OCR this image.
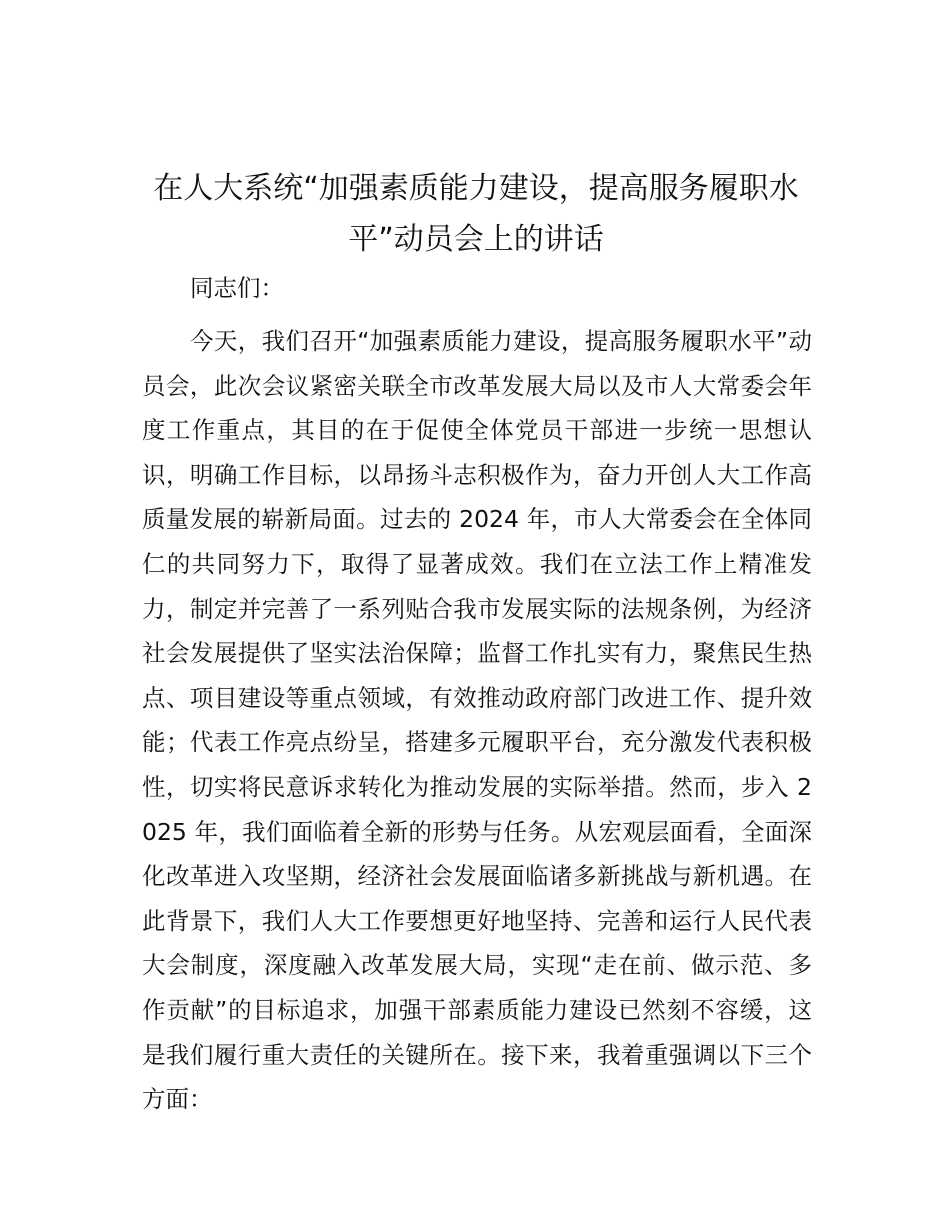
在人大系统“加强素质能力建设，提高服务履职水平”动员会上的讲话

同志们：

今天，我们召开“加强素质能力建设，提高服务履职水平”动员会，此次会议紧密关联全市改革发展大局以及市人大常委会年度工作重点，其目的在于促使全体党员干部进一步统一思想认识，明确工作目标，以昂扬斗志积极作为，奋力开创人大工作高质量发展的崭新局面。过去的 2024 年，市人大常委会在全体同仁的共同努力下，取得了显著成效。我们在立法工作上精准发力，制定并完善了一系列贴合我市发展实际的法规条例，为经济社会发展提供了坚实法治保障；监督工作扎实有力，聚焦民生热点、项目建设等重点领域，有效推动政府部门改进工作、提升效能；代表工作亮点纷呈，搭建多元履职平台，充分激发代表积极性，切实将民意诉求转化为推动发展的实际举措。然而，步入 2025 年，我们面临着全新的形势与任务。从宏观层面看，全面深化改革进入攻坚期，经济社会发展面临诸多新挑战与新机遇。在此背景下，我们人大工作要想更好地坚持、完善和运行人民代表大会制度，深度融入改革发展大局，实现“走在前、做示范、多作贡献”的目标追求，加强干部素质能力建设已然刻不容缓，这是我们履行重大责任的关键所在。接下来，我着重强调以下三个方面：
